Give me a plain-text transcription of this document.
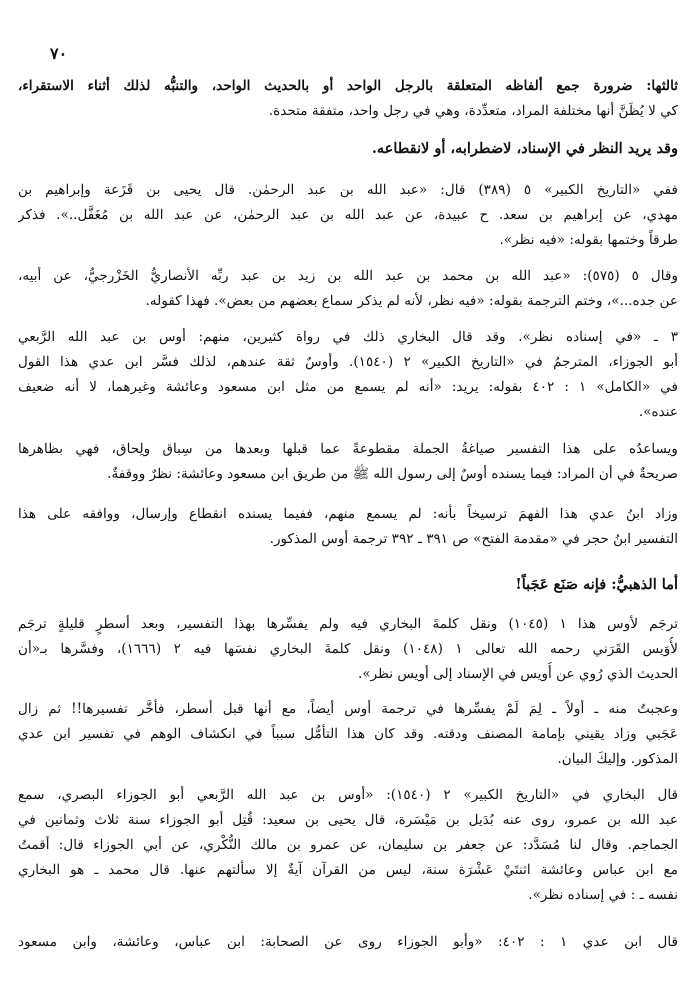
٧٠
ثالثها: ضرورة جمع ألفاظه المتعلقة بالرجل الواحد أو بالحديث الواحد، والتنبُّه لذلك أثناء الاستقراء،
كي لا يُظَنَّ أنها مختلفة المراد، متعدِّدة، وهي في رجل واحد، متفقة متحدة.
وقد يريد النظر في الإسناد، لاضطرابه، أو لانقطاعه.
ففي «التاريخ الكبير» ٥ (٣٨٩) قال: «عبد الله بن عبد الرحمٰن. قال يحيى بن قَزَعة وإبراهيم بن
مهدي، عن إبراهيم بن سعد. ح عبيدة، عن عبد الله بن عبد الرحمٰن، عن عبد الله بن مُغَفَّل..». فذكر
طرقاً وختمها بقوله: «فيه نظر».
وقال ٥ (٥٧٥): «عبد الله بن محمد بن عبد الله بن زيد بن عبد ربِّه الأنصاريُّ الخَزْرجيُّ، عن أبيه،
عن جده...»، وختم الترجمة بقوله: «فيه نظر، لأنه لم يذكر سماع بعضهم من بعض». فهذا كقوله.
٣ ـ «في إسناده نظر». وقد قال البخاري ذلك في رواة كثيرين، منهم: أوس بن عبد الله الرَّبعي
أبو الجوزاء، المترجمُ في «التاريخ الكبير» ٢ (١٥٤٠). وأوسٌ ثقة عندهم، لذلك فسَّر ابن عدي هذا القول
في «الكامل» ١ : ٤٠٢ بقوله: يريد: «أنه لم يسمع من مثل ابن مسعود وعائشة وغيرهما، لا أنه ضعيف
عنده».
ويساعدُه على هذا التفسير صياغةُ الجملة مقطوعةً عما قبلها وبعدها من سِباق ولِحاق، فهي بظاهرها
صريحةٌ في أن المراد: فيما يسنده أوسٌ إلى رسول الله ﷺ من طريق ابن مسعود وعائشة: نظرٌ ووقفةٌ.
وزاد ابنُ عدي هذا الفهمَ ترسيخاً بأنه: لم يسمع منهم، ففيما يسنده انقطاع وإرسال، ووافقه على هذا
التفسير ابنُ حجر في «مقدمة الفتح» ص ٣٩١ ـ ٣٩٢ ترجمة أوس المذكور.
أما الذهبيُّ: فإنه صَنَع عَجَباً!
ترجَم لأوس هذا ١ (١٠٤٥) ونقل كلمةَ البخاري فيه ولم يفسِّرها بهذا التفسير، وبعد أسطرٍ قليلةٍ ترجَم
لأُوَيس القَرَني رحمه الله تعالى ١ (١٠٤٨) ونقل كلمةَ البخاري نفسَها فيه ٢ (١٦٦٦)، وفسَّرها بـ«أن
الحديث الذي رُوي عن أُويس في الإسناد إلى أويس نظر».
وعجبتُ منه ـ أولاً ـ لِمَ لَمْ يفسِّرها في ترجمة أوس أيضاً، مع أنها قبل أسطر، فأخَّر تفسيرها!! ثم زال
عَجَبي وزاد يقيني بإمامة المصنف ودقته. وقد كان هذا التأمُّل سبباً في انكشاف الوهم في تفسير ابن عدي
المذكور. وإليكَ البيان.
قال البخاري في «التاريخ الكبير» ٢ (١٥٤٠): «أوس بن عبد الله الرَّبعي أبو الجوزاء البصري، سمع
عبد الله بن عمرو، روى عنه بُدَيل بن مَيْسَرة، قال يحيى بن سعيد: قُتِل أبو الجوزاء سنة ثلاث وثمانين في
الجماجم. وقال لنا مُسَدَّد: عن جعفر بن سليمان، عن عمرو بن مالك النُّكْري، عن أبي الجوزاء قال: أقمتُ
مع ابن عباس وعائشة اثنتَيْ عَشْرَة سنة، ليس من القرآن آيةٌ إلا سألتهم عنها. قال محمد ـ هو البخاري
نفسه ـ : في إسناده نظر».
قال ابن عدي ١ : ٤٠٢: «وأبو الجوزاء روى عن الصحابة: ابن عباس، وعائشة، وابن مسعود
